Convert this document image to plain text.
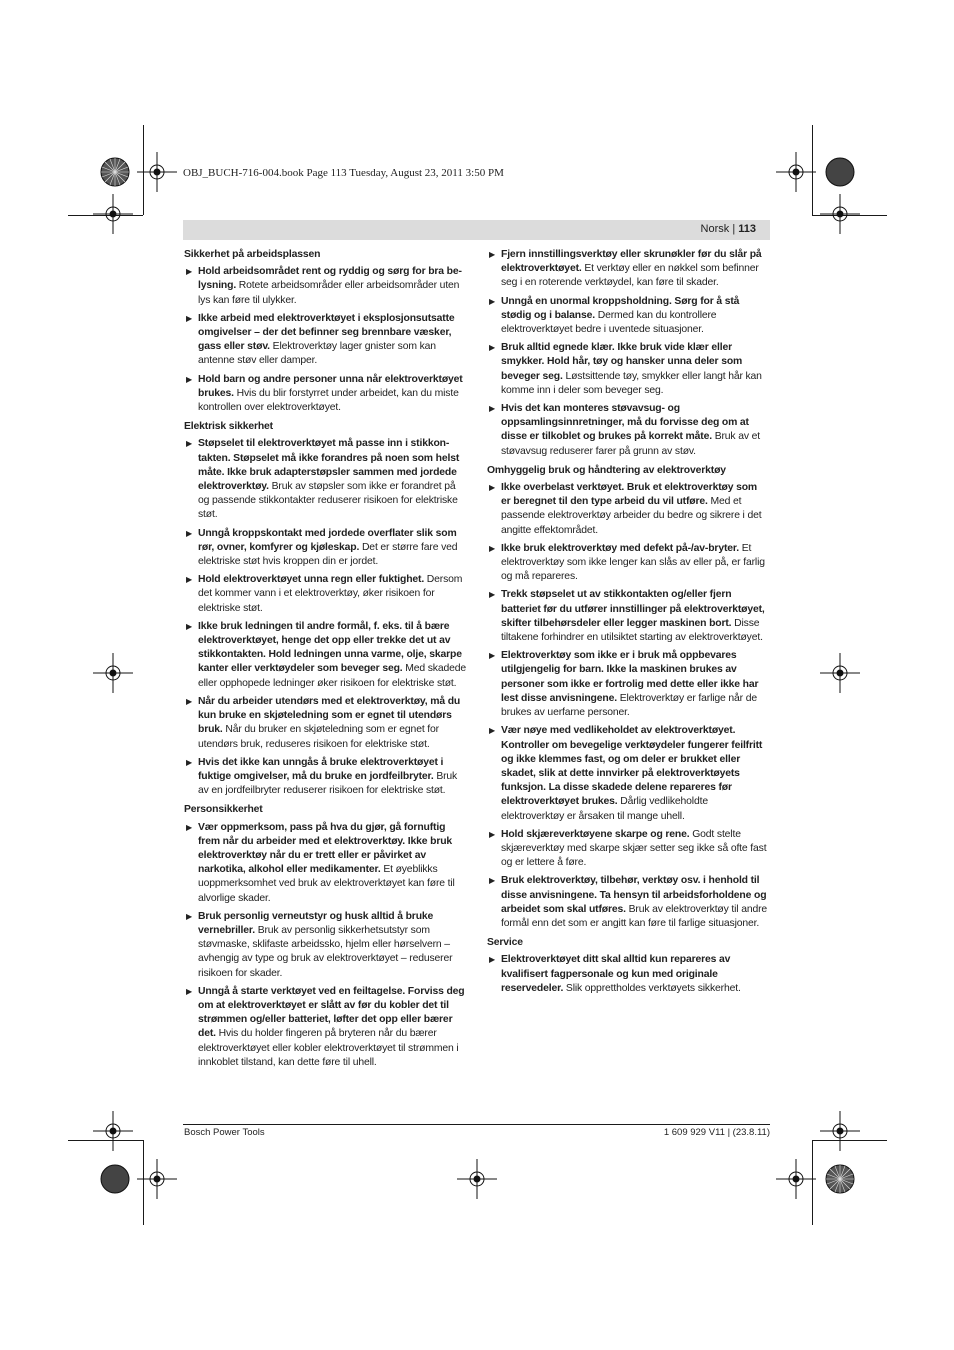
OBJ_BUCH-716-004.book Page 113 Tuesday, August 23, 2011 3:50 PM
Norsk | 113
Sikkerhet på arbeidsplassen
▶ Hold arbeidsområdet rent og ryddig og sørg for bra belysning. Rotete arbeidsområder eller arbeidsområder uten lys kan føre til ulykker.
▶ Ikke arbeid med elektroverktøyet i eksplosjonsutsatte omgivelser – der det befinner seg brennbare væsker, gass eller støv. Elektroverktøy lager gnister som kan antenne støv eller damper.
▶ Hold barn og andre personer unna når elektroverktøyet brukes. Hvis du blir forstyrret under arbeidet, kan du miste kontrollen over elektroverktøyet.
Elektrisk sikkerhet
▶ Støpselet til elektroverktøyet må passe inn i stikkontakten. Støpselet må ikke forandres på noen som helst måte. Ikke bruk adapterstøpsler sammen med jordede elektroverktøy. Bruk av støpsler som ikke er forandret på og passende stikkontakter reduserer risikoen for elektriske støt.
▶ Unngå kroppskontakt med jordede overflater slik som rør, ovner, komfyrer og kjøleskap. Det er større fare ved elektriske støt hvis kroppen din er jordet.
▶ Hold elektroverktøyet unna regn eller fuktighet. Dersom det kommer vann i et elektroverktøy, øker risikoen for elektriske støt.
▶ Ikke bruk ledningen til andre formål, f. eks. til å bære elektroverktøyet, henge det opp eller trekke det ut av stikkontakten. Hold ledningen unna varme, olje, skarpe kanter eller verktøydeler som beveger seg. Med skadede eller opphopede ledninger øker risikoen for elektriske støt.
▶ Når du arbeider utendørs med et elektroverktøy, må du kun bruke en skjøteledning som er egnet til utendørs bruk. Når du bruker en skjøteledning som er egnet for utendørs bruk, reduseres risikoen for elektriske støt.
▶ Hvis det ikke kan unngås å bruke elektroverktøyet i fuktige omgivelser, må du bruke en jordfeilbryter. Bruk av en jordfeilbryter reduserer risikoen for elektriske støt.
Personsikkerhet
▶ Vær oppmerksom, pass på hva du gjør, gå fornuftig frem når du arbeider med et elektroverktøy. Ikke bruk elektroverktøy når du er trett eller er påvirket av narkotika, alkohol eller medikamenter. Et øyeblikks uoppmerksomhet ved bruk av elektroverktøyet kan føre til alvorlige skader.
▶ Bruk personlig verneutstyr og husk alltid å bruke vernebriller. Bruk av personlig sikkerhetsutstyr som støvmaske, sklifaste arbeidssko, hjelm eller hørselvern – avhengig av type og bruk av elektroverktøyet – reduserer risikoen for skader.
▶ Unngå å starte verktøyet ved en feiltagelse. Forviss deg om at elektroverktøyet er slått av før du kobler det til strømmen og/eller batteriet, løfter det opp eller bærer det. Hvis du holder fingeren på bryteren når du bærer elektroverktøyet eller kobler elektroverktøyet til strømmen i innkoblet tilstand, kan dette føre til uhell.
▶ Fjern innstillingsverktøy eller skrunøkler før du slår på elektroverktøyet. Et verktøy eller en nøkkel som befinner seg i en roterende verktøydel, kan føre til skader.
▶ Unngå en unormal kroppsholdning. Sørg for å stå stødig og i balanse. Dermed kan du kontrollere elektroverktøyet bedre i uventede situasjoner.
▶ Bruk alltid egnede klær. Ikke bruk vide klær eller smykker. Hold hår, tøy og hansker unna deler som beveger seg. Løstsittende tøy, smykker eller langt hår kan komme inn i deler som beveger seg.
▶ Hvis det kan monteres støvavsug- og oppsamlingsinnretninger, må du forvisse deg om at disse er tilkoblet og brukes på korrekt måte. Bruk av et støvavsug reduserer farer på grunn av støv.
Omhyggelig bruk og håndtering av elektroverktøy
▶ Ikke overbelast verktøyet. Bruk et elektroverktøy som er beregnet til den type arbeid du vil utføre. Med et passende elektroverktøy arbeider du bedre og sikrere i det angitte effektområdet.
▶ Ikke bruk elektroverktøy med defekt på-/av-bryter. Et elektroverktøy som ikke lenger kan slås av eller på, er farlig og må repareres.
▶ Trekk støpselet ut av stikkontakten og/eller fjern batteriet før du utfører innstillinger på elektroverktøyet, skifter tilbehørsdeler eller legger maskinen bort. Disse tiltakene forhindrer en utilsiktet starting av elektroverktøyet.
▶ Elektroverktøy som ikke er i bruk må oppbevares utilgjengelig for barn. Ikke la maskinen brukes av personer som ikke er fortrolig med dette eller ikke har lest disse anvisningene. Elektroverktøy er farlige når de brukes av uerfarne personer.
▶ Vær nøye med vedlikeholdet av elektroverktøyet. Kontroller om bevegelige verktøydeler fungerer feilfritt og ikke klemmes fast, og om deler er brukket eller skadet, slik at dette innvirker på elektroverktøyets funksjon. La disse skadede delene repareres før elektroverktøyet brukes. Dårlig vedlikeholdte elektroverktøy er årsaken til mange uhell.
▶ Hold skjæreverktøyene skarpe og rene. Godt stelte skjæreverktøy med skarpe skjær setter seg ikke så ofte fast og er lettere å føre.
▶ Bruk elektroverktøy, tilbehør, verktøy osv. i henhold til disse anvisningene. Ta hensyn til arbeidsforholdene og arbeidet som skal utføres. Bruk av elektroverktøy til andre formål enn det som er angitt kan føre til farlige situasjoner.
Service
▶ Elektroverktøyet ditt skal alltid kun repareres av kvalifisert fagpersonale og kun med originale reservedeler. Slik opprettholdes verktøyets sikkerhet.
Bosch Power Tools	1 609 929 V11 | (23.8.11)
